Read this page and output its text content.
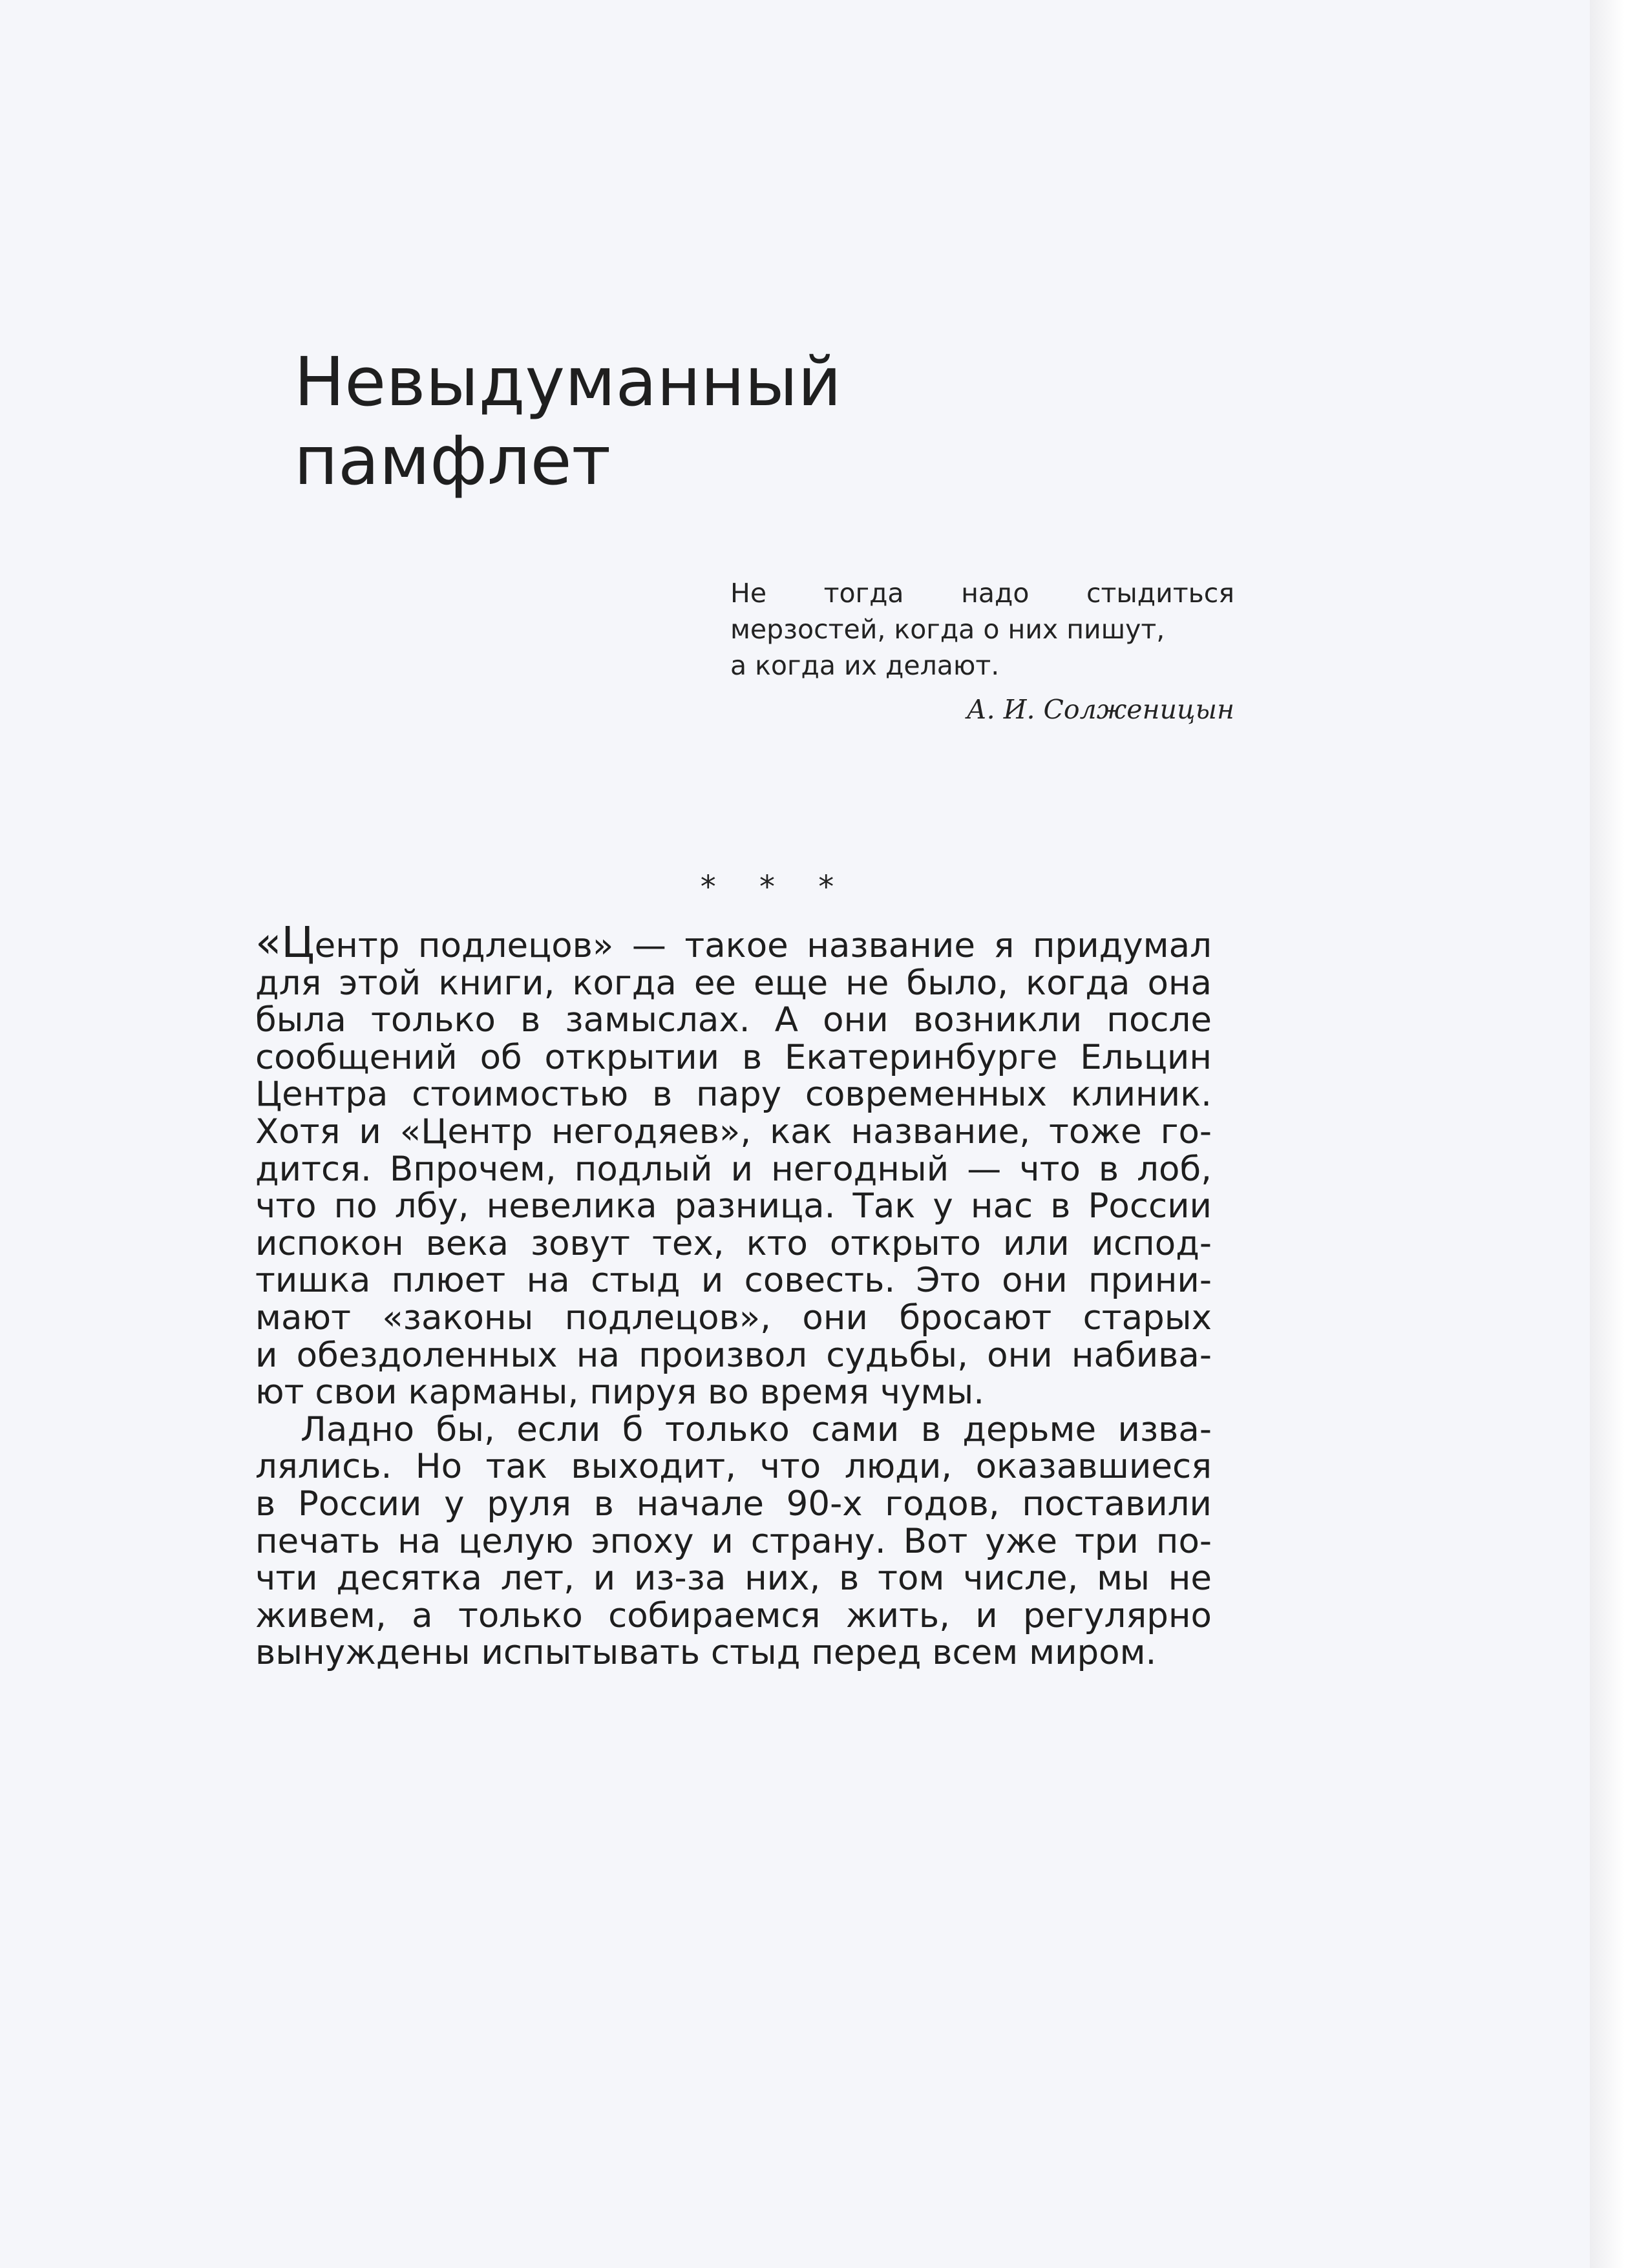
Невыдуманный
памфлет
Не тогда надо стыдиться
мерзостей, когда о них пишут,
а когда их делают.
А. И. Солженицын
* * *
«Центр подлецов» — такое название я придумал
для этой книги, когда ее еще не было, когда она
была только в замыслах. А они возникли после
сообщений об открытии в Екатеринбурге Ельцин
Центра стоимостью в пару современных клиник.
Хотя и «Центр негодяев», как название, тоже го-
дится. Впрочем, подлый и негодный — что в лоб,
что по лбу, невелика разница. Так у нас в России
испокон века зовут тех, кто открыто или испод-
тишка плюет на стыд и совесть. Это они прини-
мают «законы подлецов», они бросают старых
и обездоленных на произвол судьбы, они набива-
ют свои карманы, пируя во время чумы.
Ладно бы, если б только сами в дерьме изва-
лялись. Но так выходит, что люди, оказавшиеся
в России у руля в начале 90-х годов, поставили
печать на целую эпоху и страну. Вот уже три по-
чти десятка лет, и из-за них, в том числе, мы не
живем, а только собираемся жить, и регулярно
вынуждены испытывать стыд перед всем миром.
